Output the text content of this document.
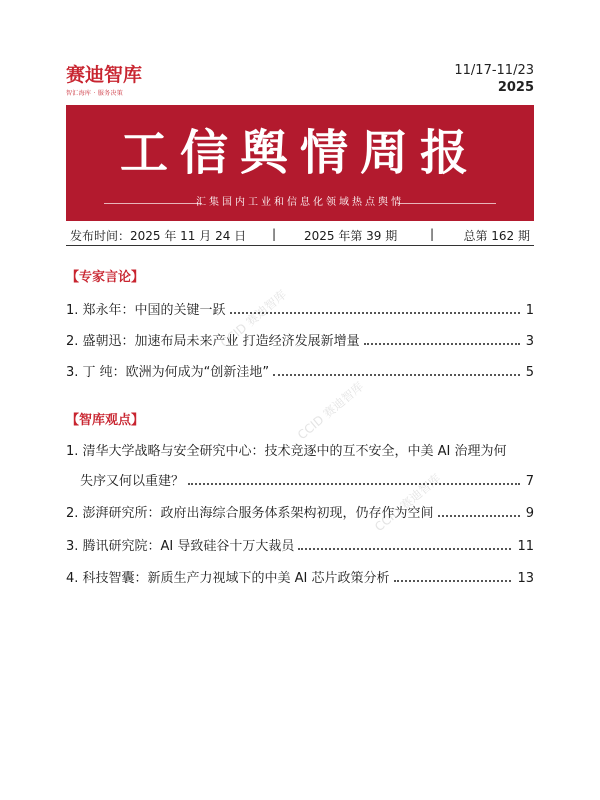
赛迪智库
智汇海库 · 服务决策
11/17-11/23
2025
工信舆情周报
汇集国内工业和信息化领域热点舆情
发布时间：2025 年 11 月 24 日 | 2025 年第 39 期	| 总第 162 期
CCID 赛迪智库
CCID 赛迪智库
CCID 赛迪智库
【专家言论】
1. 郑永年：中国的关键一跃	1
2. 盛朝迅：加速布局未来产业 打造经济发展新增量	3
3. 丁 纯：欧洲为何成为“创新洼地”	5
【智库观点】
1. 清华大学战略与安全研究中心：技术竞逐中的互不安全，中美 AI 治理为何
失序又何以重建？	7
2. 澎湃研究所：政府出海综合服务体系架构初现，仍存作为空间	9
3. 腾讯研究院：AI 导致硅谷十万大裁员	11
4. 科技智囊：新质生产力视域下的中美 AI 芯片政策分析	13
